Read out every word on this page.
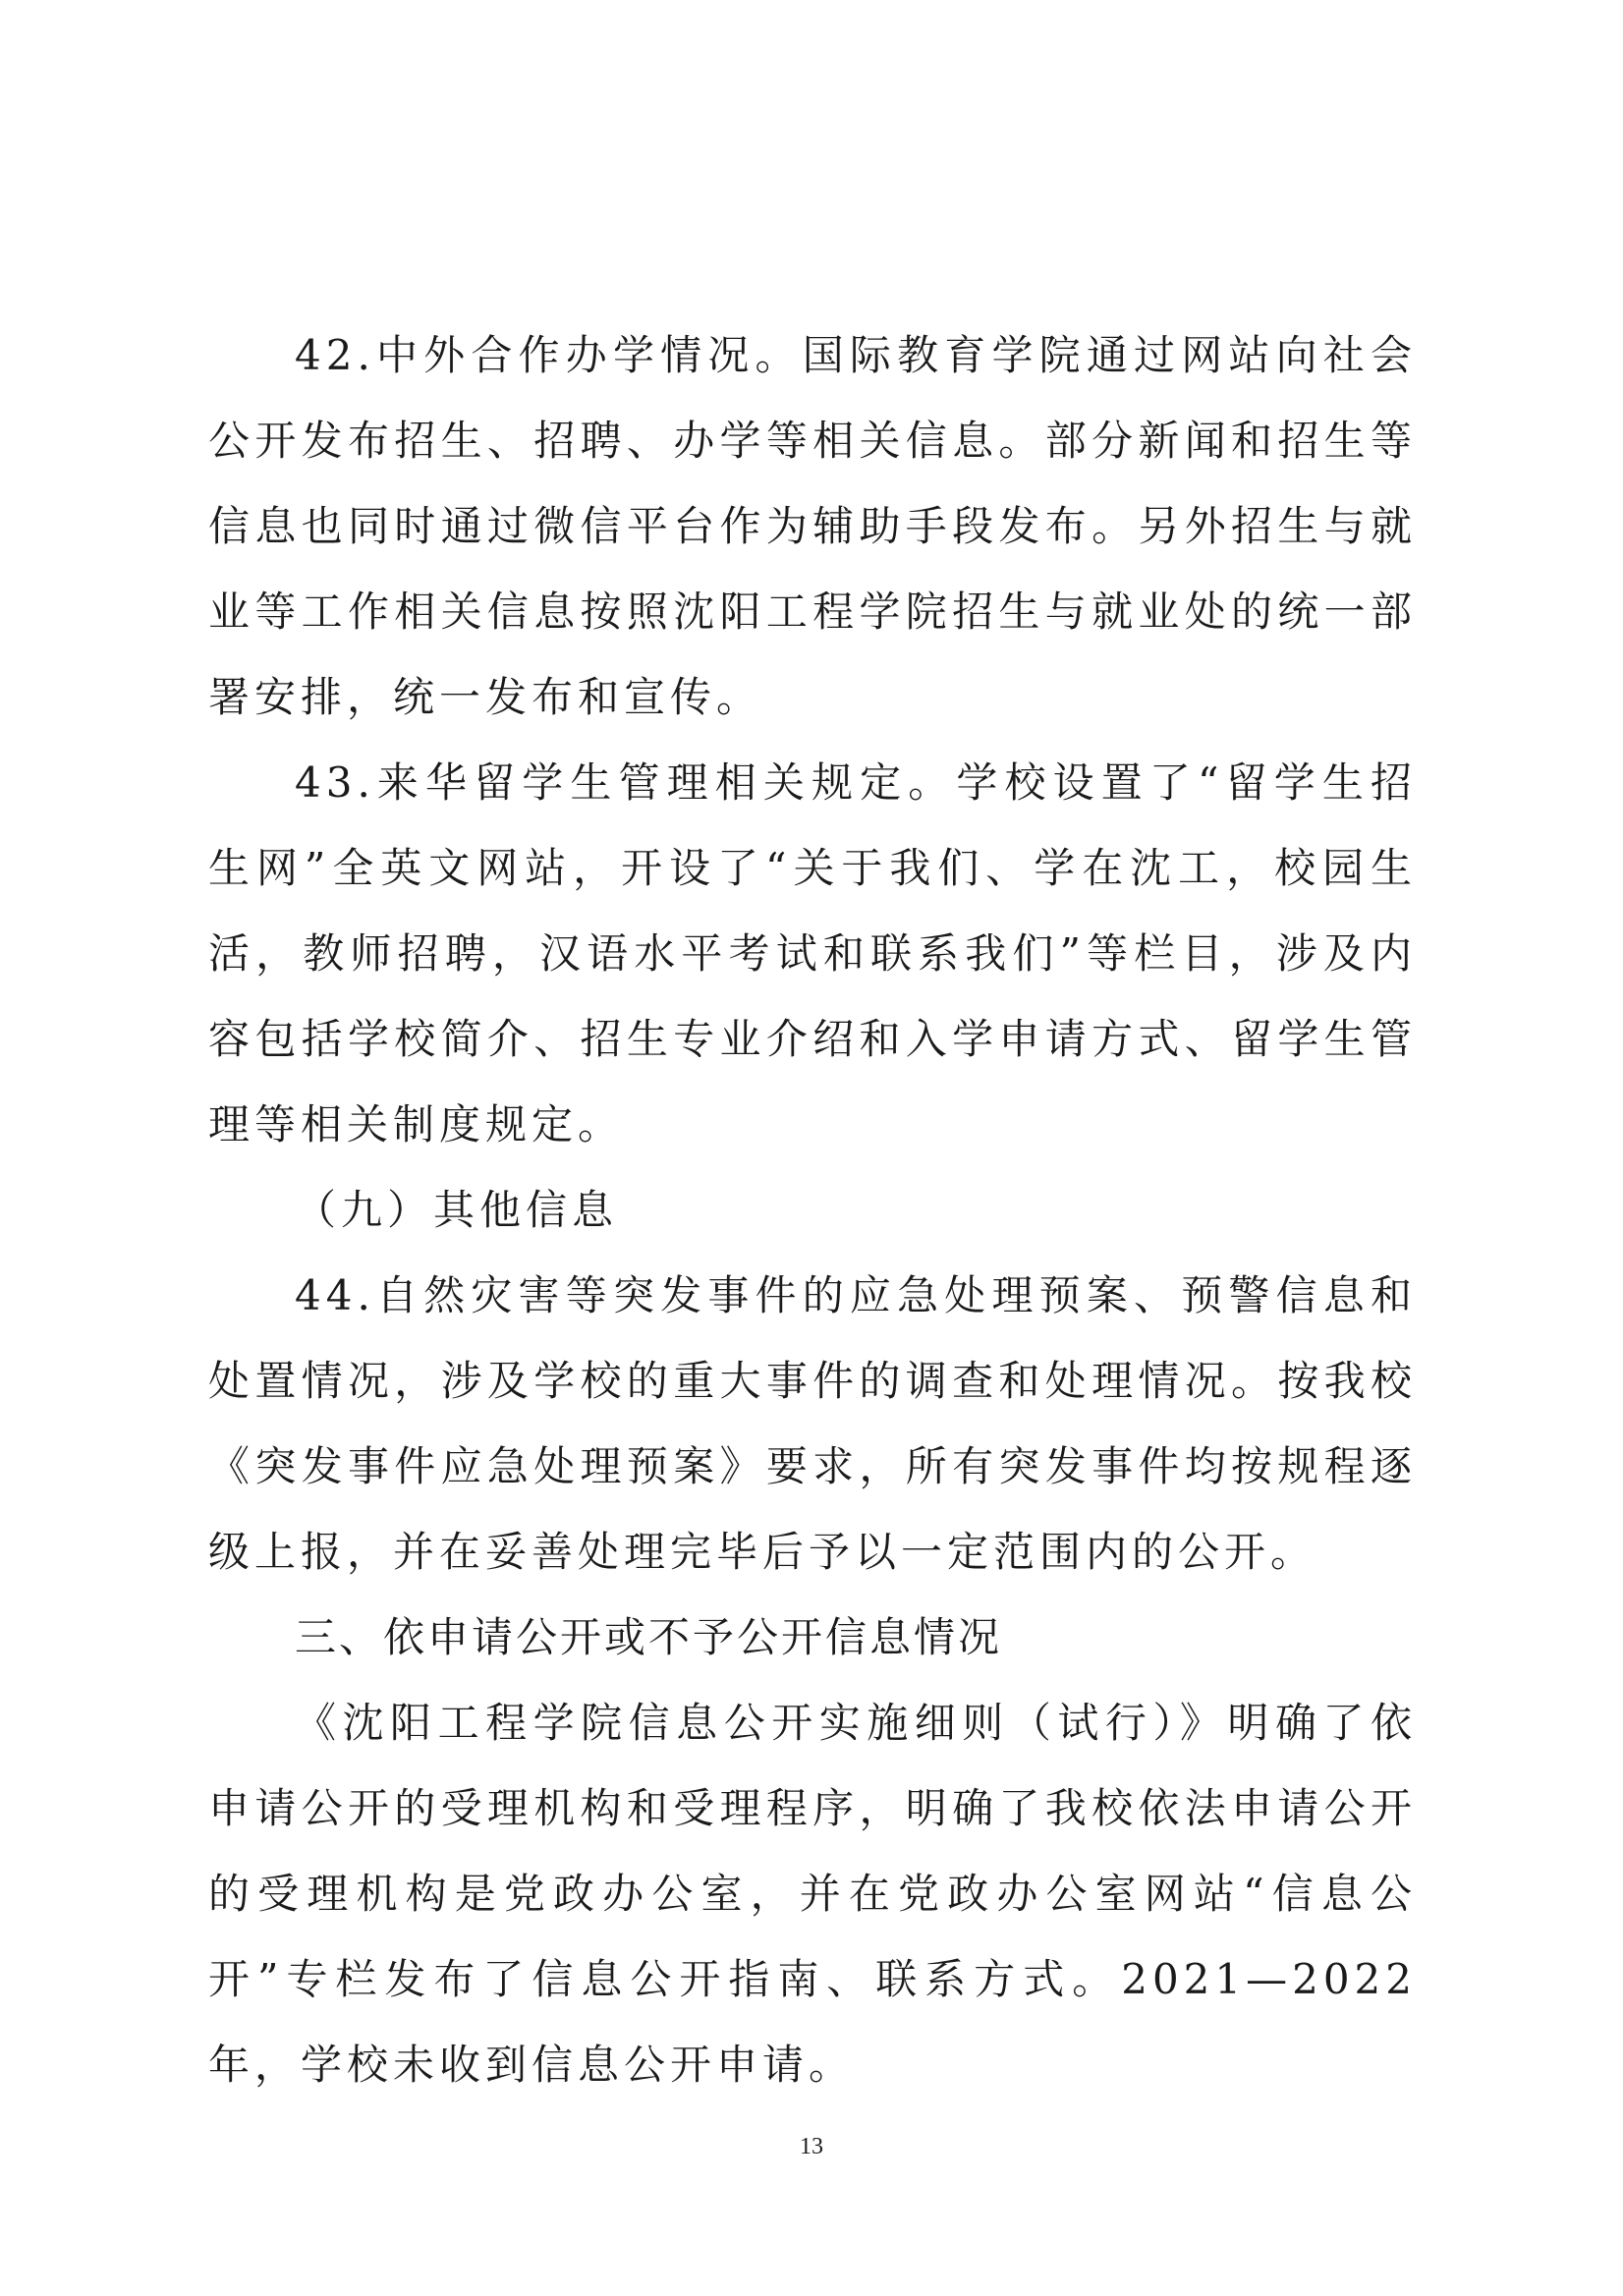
42.中外合作办学情况。国际教育学院通过网站向社会公开发布招生、招聘、办学等相关信息。部分新闻和招生等信息也同时通过微信平台作为辅助手段发布。另外招生与就业等工作相关信息按照沈阳工程学院招生与就业处的统一部署安排，统一发布和宣传。

43.来华留学生管理相关规定。学校设置了“留学生招生网”全英文网站，开设了“关于我们、学在沈工，校园生活，教师招聘，汉语水平考试和联系我们”等栏目，涉及内容包括学校简介、招生专业介绍和入学申请方式、留学生管理等相关制度规定。

（九）其他信息

44.自然灾害等突发事件的应急处理预案、预警信息和处置情况，涉及学校的重大事件的调查和处理情况。按我校《突发事件应急处理预案》要求，所有突发事件均按规程逐级上报，并在妥善处理完毕后予以一定范围内的公开。

三、依申请公开或不予公开信息情况

《沈阳工程学院信息公开实施细则（试行）》明确了依申请公开的受理机构和受理程序，明确了我校依法申请公开的受理机构是党政办公室，并在党政办公室网站“信息公开”专栏发布了信息公开指南、联系方式。2021—2022年，学校未收到信息公开申请。

13
